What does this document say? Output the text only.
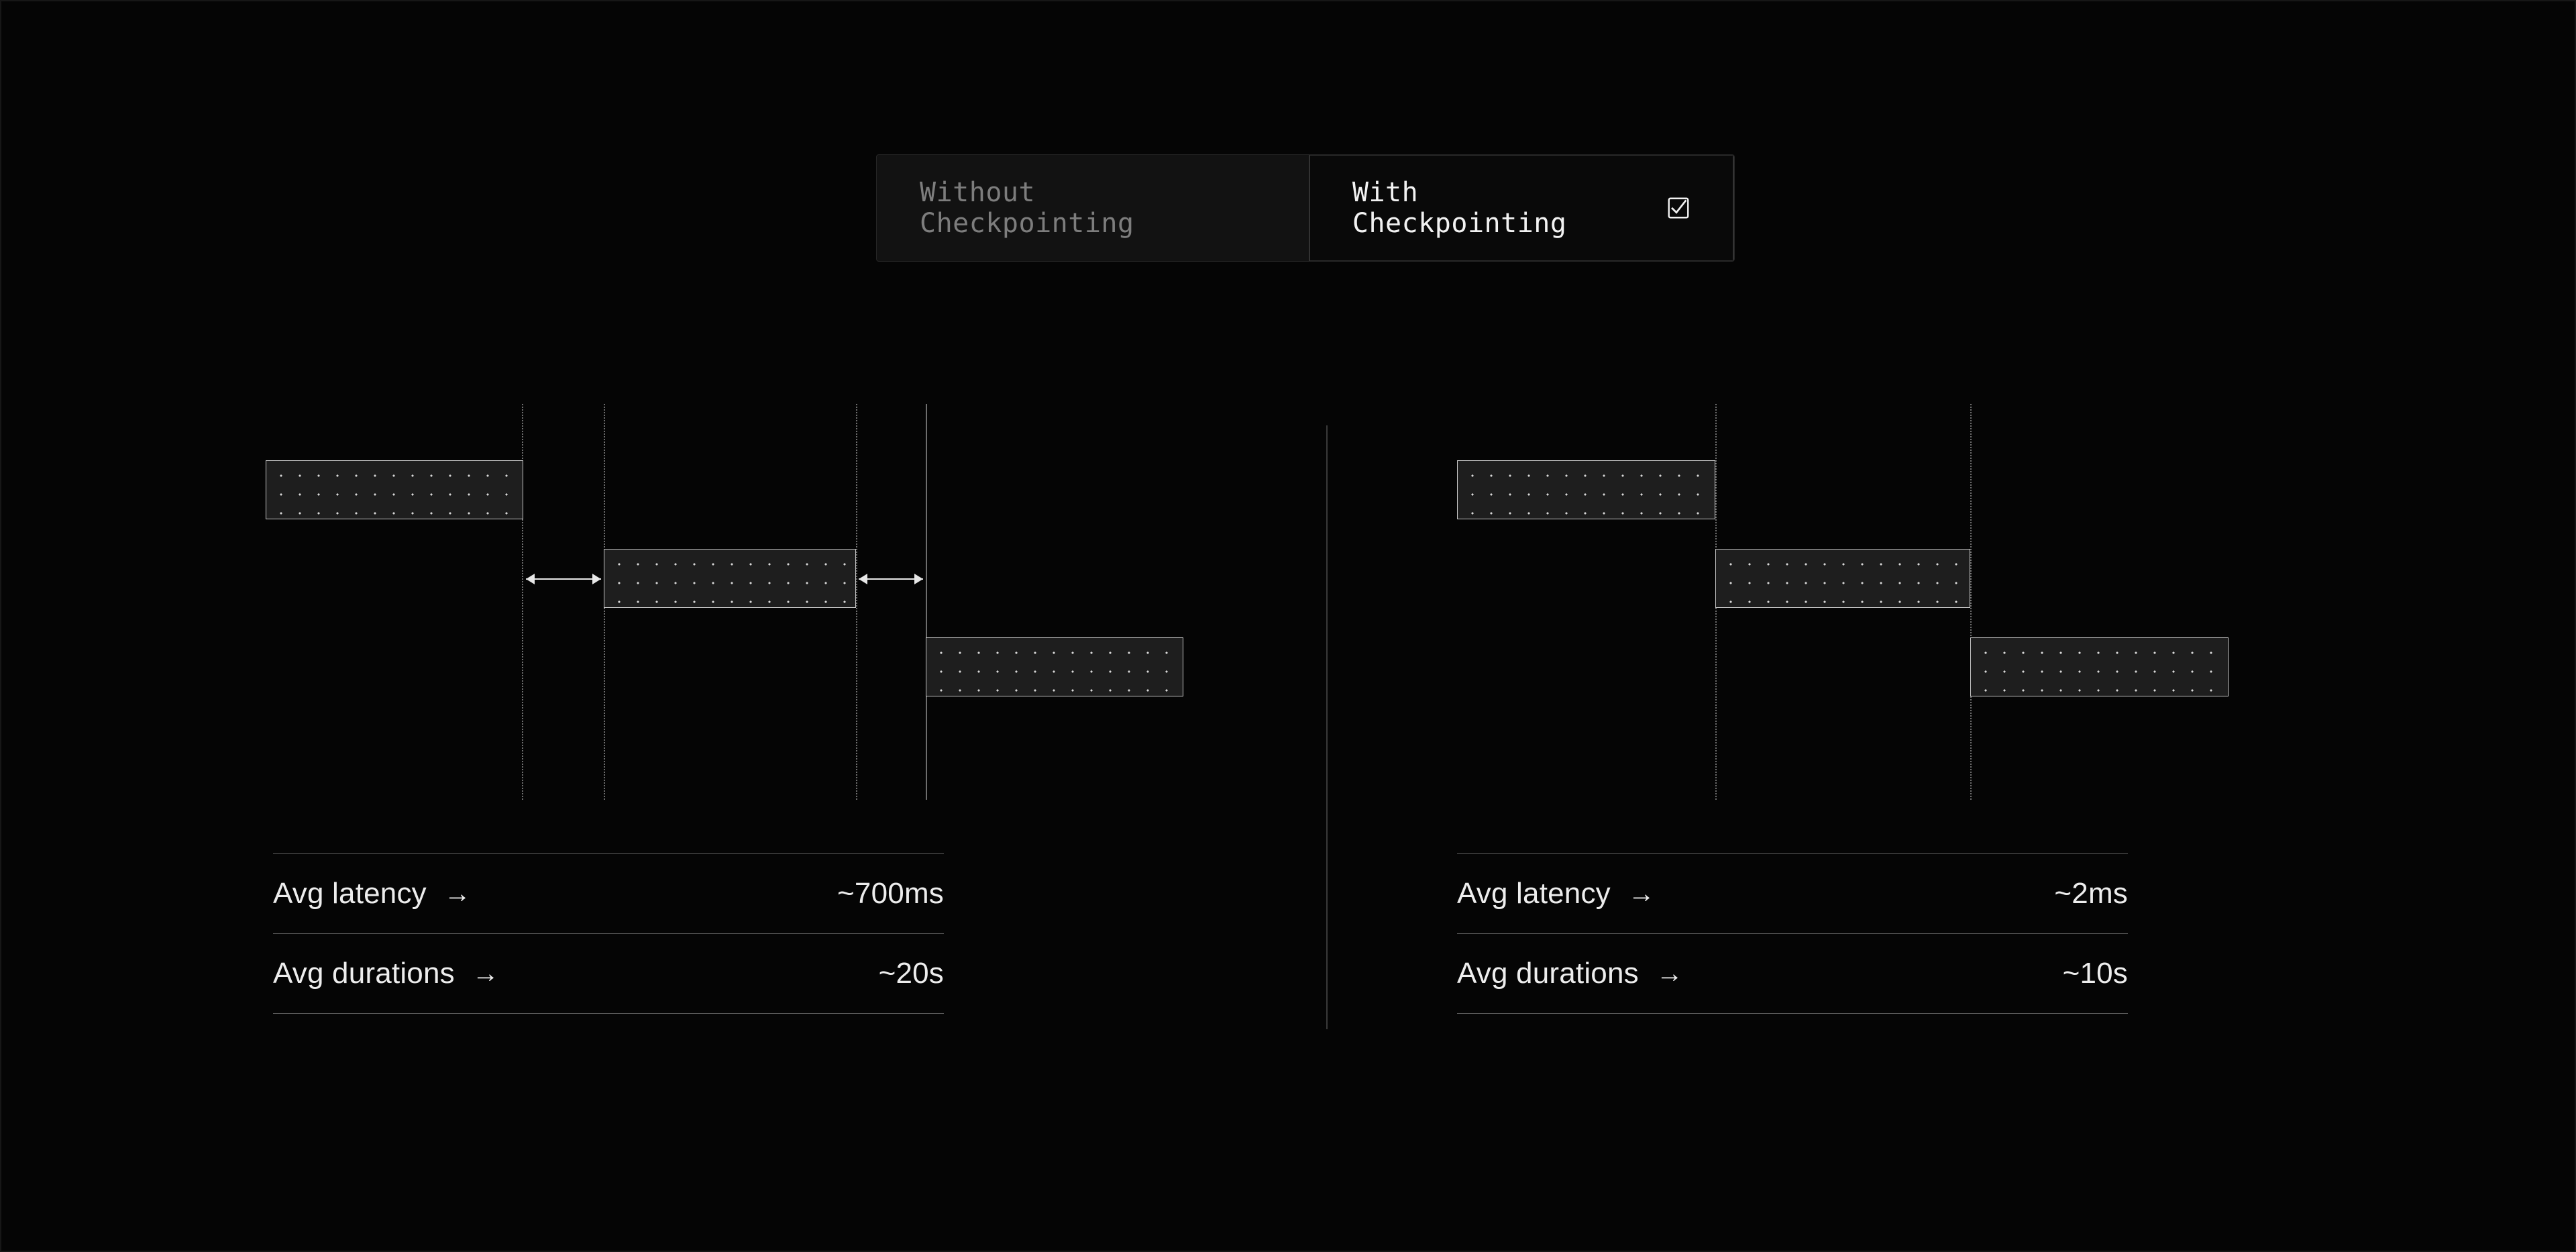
Without Checkpointing
With Checkpointing
Avg latency →	~700ms
Avg durations →	~20s
Avg latency →	~2ms
Avg durations →	~10s
